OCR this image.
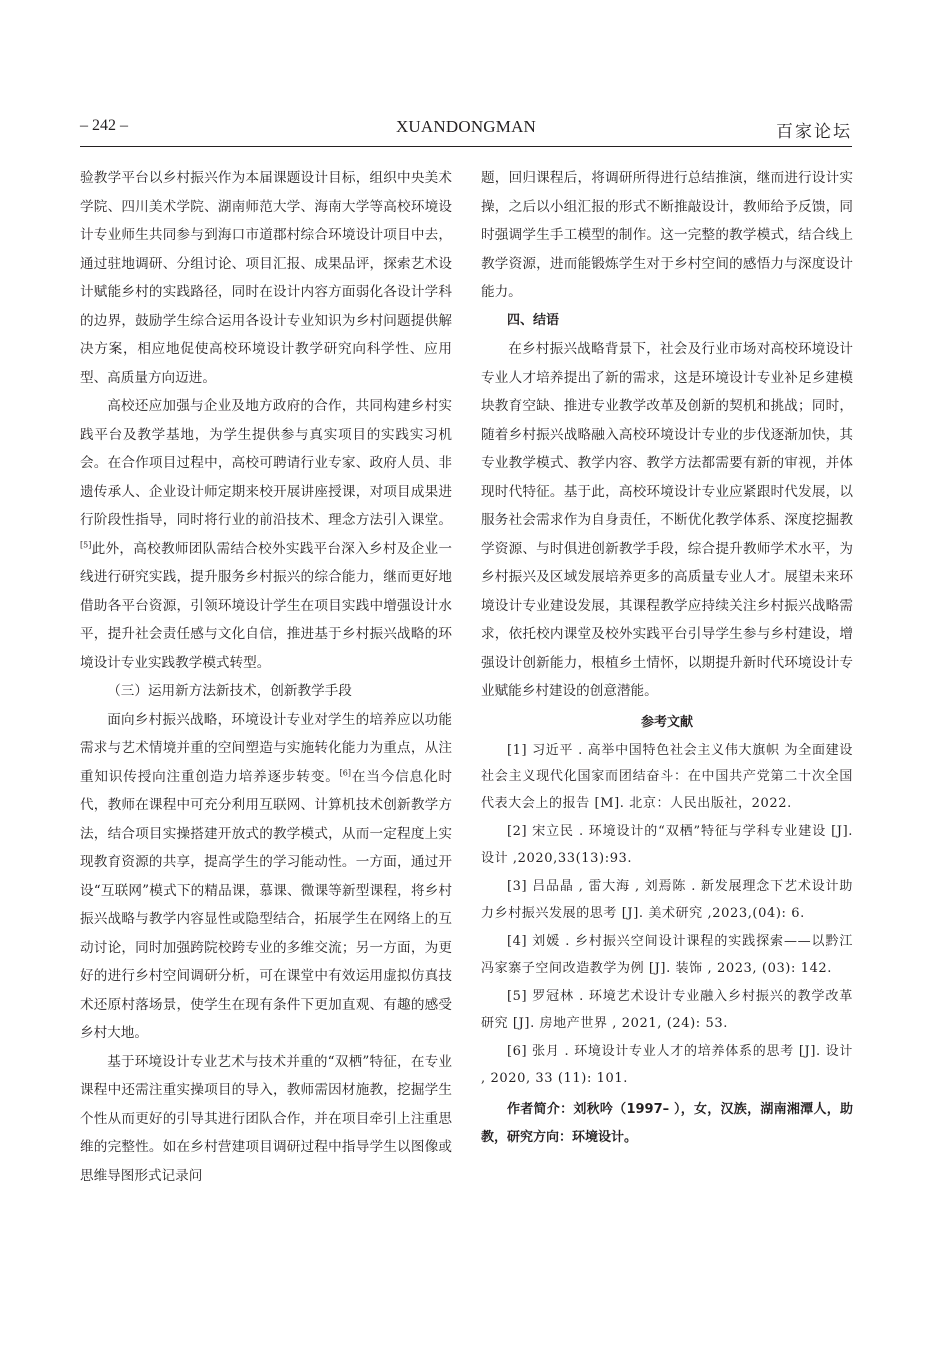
– 242 –	XUANDONGMAN	百家论坛

验教学平台以乡村振兴作为本届课题设计目标，组织中央美术学院、四川美术学院、湖南师范大学、海南大学等高校环境设计专业师生共同参与到海口市道郡村综合环境设计项目中去，通过驻地调研、分组讨论、项目汇报、成果品评，探索艺术设计赋能乡村的实践路径，同时在设计内容方面弱化各设计学科的边界，鼓励学生综合运用各设计专业知识为乡村问题提供解决方案，相应地促使高校环境设计教学研究向科学性、应用型、高质量方向迈进。

高校还应加强与企业及地方政府的合作，共同构建乡村实践平台及教学基地，为学生提供参与真实项目的实践实习机会。在合作项目过程中，高校可聘请行业专家、政府人员、非遗传承人、企业设计师定期来校开展讲座授课，对项目成果进行阶段性指导，同时将行业的前沿技术、理念方法引入课堂。[5]此外，高校教师团队需结合校外实践平台深入乡村及企业一线进行研究实践，提升服务乡村振兴的综合能力，继而更好地借助各平台资源，引领环境设计学生在项目实践中增强设计水平，提升社会责任感与文化自信，推进基于乡村振兴战略的环境设计专业实践教学模式转型。

（三）运用新方法新技术，创新教学手段

面向乡村振兴战略，环境设计专业对学生的培养应以功能需求与艺术情境并重的空间塑造与实施转化能力为重点，从注重知识传授向注重创造力培养逐步转变。[6]在当今信息化时代，教师在课程中可充分利用互联网、计算机技术创新教学方法，结合项目实操搭建开放式的教学模式，从而一定程度上实现教育资源的共享，提高学生的学习能动性。一方面，通过开设“互联网”模式下的精品课，慕课、微课等新型课程，将乡村振兴战略与教学内容显性或隐型结合，拓展学生在网络上的互动讨论，同时加强跨院校跨专业的多维交流；另一方面，为更好的进行乡村空间调研分析，可在课堂中有效运用虚拟仿真技术还原村落场景，使学生在现有条件下更加直观、有趣的感受乡村大地。

基于环境设计专业艺术与技术并重的“双栖”特征，在专业课程中还需注重实操项目的导入，教师需因材施教，挖掘学生个性从而更好的引导其进行团队合作，并在项目牵引上注重思维的完整性。如在乡村营建项目调研过程中指导学生以图像或思维导图形式记录问

题，回归课程后，将调研所得进行总结推演，继而进行设计实操，之后以小组汇报的形式不断推敲设计，教师给予反馈，同时强调学生手工模型的制作。这一完整的教学模式，结合线上教学资源，进而能锻炼学生对于乡村空间的感悟力与深度设计能力。

四、结语

在乡村振兴战略背景下，社会及行业市场对高校环境设计专业人才培养提出了新的需求，这是环境设计专业补足乡建模块教育空缺、推进专业教学改革及创新的契机和挑战；同时，随着乡村振兴战略融入高校环境设计专业的步伐逐渐加快，其专业教学模式、教学内容、教学方法都需要有新的审视，并体现时代特征。基于此，高校环境设计专业应紧跟时代发展，以服务社会需求作为自身责任，不断优化教学体系、深度挖掘教学资源、与时俱进创新教学手段，综合提升教师学术水平，为乡村振兴及区域发展培养更多的高质量专业人才。展望未来环境设计专业建设发展，其课程教学应持续关注乡村振兴战略需求，依托校内课堂及校外实践平台引导学生参与乡村建设，增强设计创新能力，根植乡土情怀，以期提升新时代环境设计专业赋能乡村建设的创意潜能。

参考文献

[1] 习近平 . 高举中国特色社会主义伟大旗帜 为全面建设社会主义现代化国家而团结奋斗：在中国共产党第二十次全国代表大会上的报告 [M]. 北京：人民出版社，2022.

[2] 宋立民 . 环境设计的“双栖”特征与学科专业建设 [J]. 设计 ,2020,33(13):93.

[3] 吕品晶 , 雷大海 , 刘焉陈 . 新发展理念下艺术设计助力乡村振兴发展的思考 [J]. 美术研究 ,2023,(04): 6.

[4] 刘媛 . 乡村振兴空间设计课程的实践探索——以黔江冯家寨子空间改造教学为例 [J]. 装饰 , 2023, (03): 142.

[5] 罗冠林 . 环境艺术设计专业融入乡村振兴的教学改革研究 [J]. 房地产世界 , 2021, (24): 53.

[6] 张月 . 环境设计专业人才的培养体系的思考 [J]. 设计 , 2020, 33 (11): 101.

作者简介：刘秋吟（1997– ），女，汉族，湖南湘潭人，助教，研究方向：环境设计。
